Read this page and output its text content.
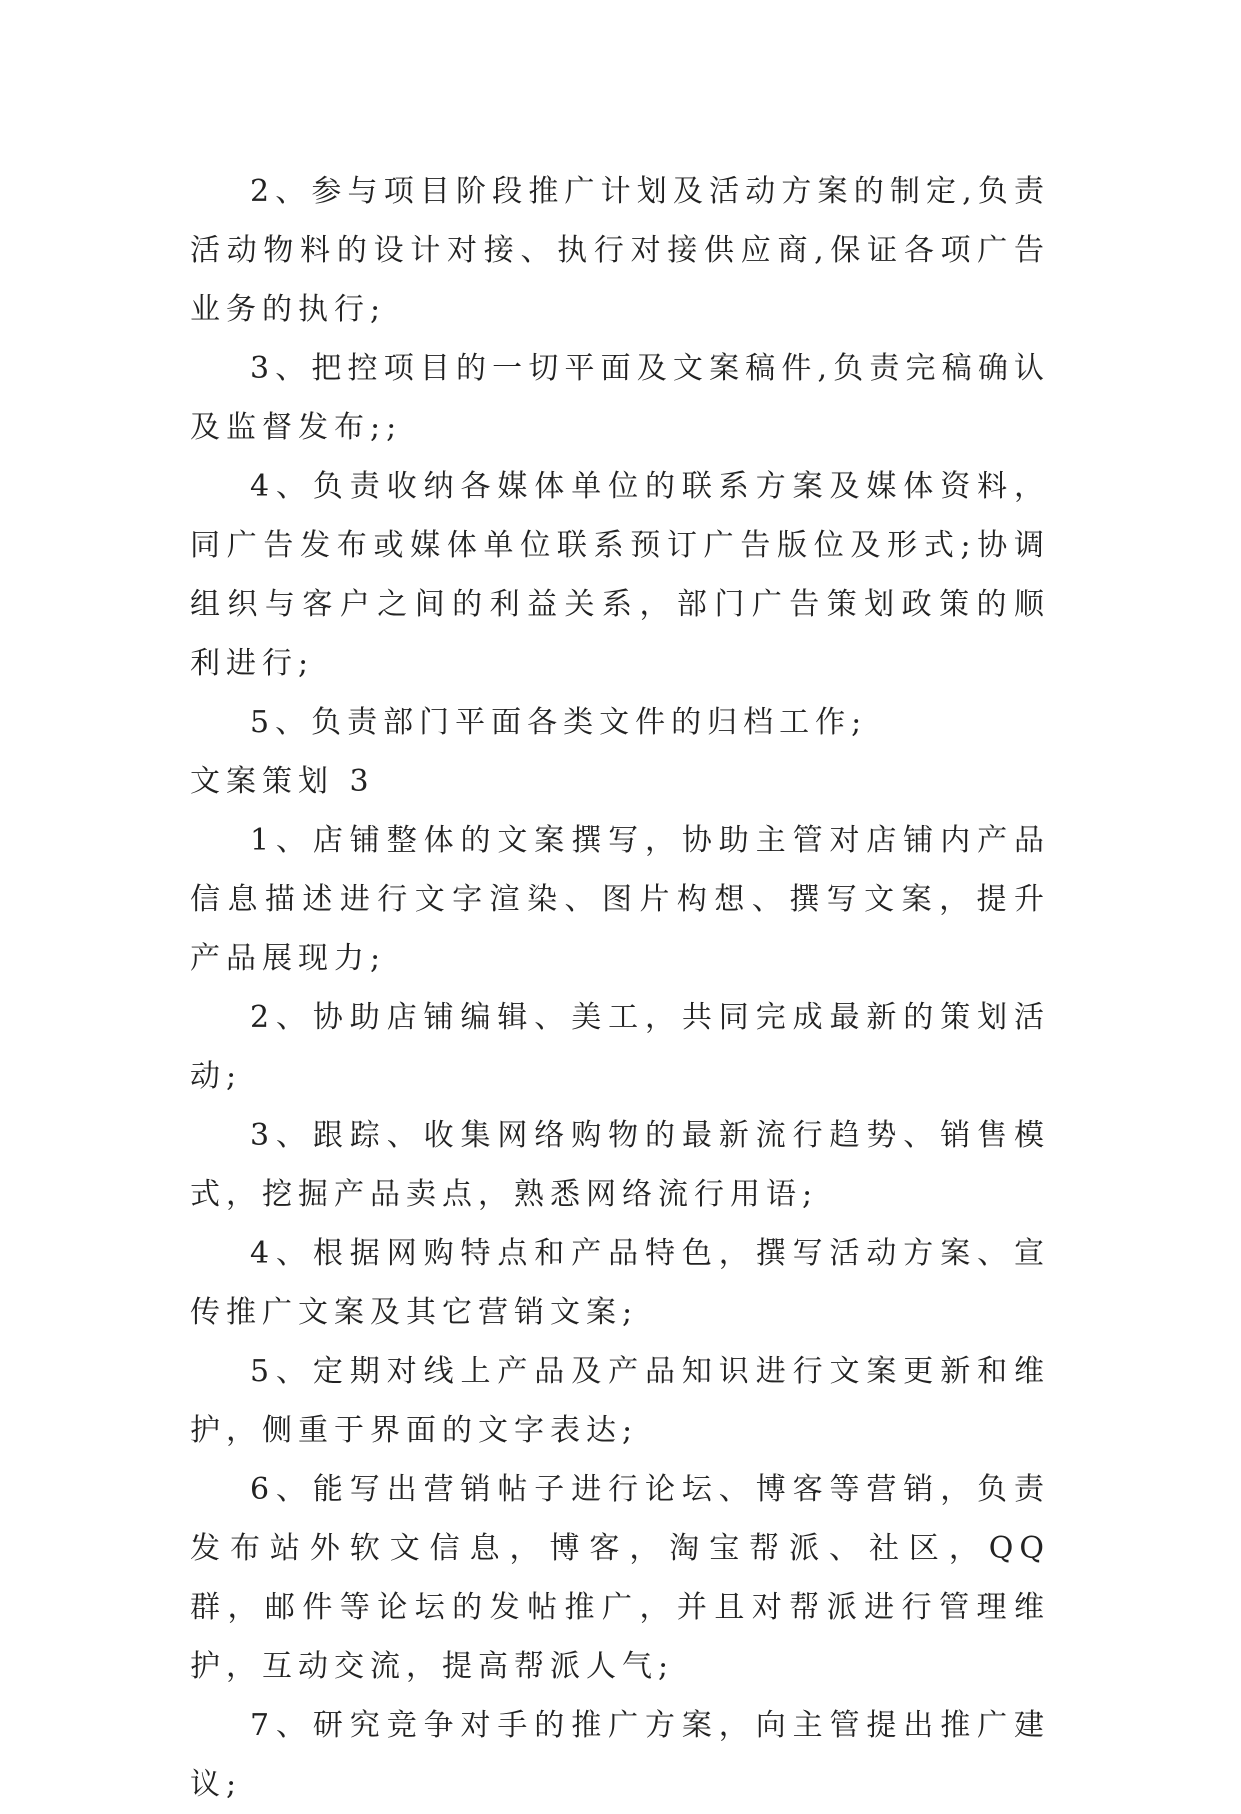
2、参与项目阶段推广计划及活动方案的制定,负责活动物料的设计对接、执行对接供应商,保证各项广告业务的执行;

3、把控项目的一切平面及文案稿件,负责完稿确认及监督发布;;

4、负责收纳各媒体单位的联系方案及媒体资料，同广告发布或媒体单位联系预订广告版位及形式;协调组织与客户之间的利益关系，部门广告策划政策的顺利进行;

5、负责部门平面各类文件的归档工作;

文案策划 3

1、店铺整体的文案撰写，协助主管对店铺内产品信息描述进行文字渲染、图片构想、撰写文案，提升产品展现力;

2、协助店铺编辑、美工，共同完成最新的策划活动;

3、跟踪、收集网络购物的最新流行趋势、销售模式，挖掘产品卖点，熟悉网络流行用语;

4、根据网购特点和产品特色，撰写活动方案、宣传推广文案及其它营销文案;

5、定期对线上产品及产品知识进行文案更新和维护，侧重于界面的文字表达;

6、能写出营销帖子进行论坛、博客等营销，负责发布站外软文信息，博客，淘宝帮派、社区，QQ 群，邮件等论坛的发帖推广，并且对帮派进行管理维护，互动交流，提高帮派人气;

7、研究竞争对手的推广方案，向主管提出推广建议;
